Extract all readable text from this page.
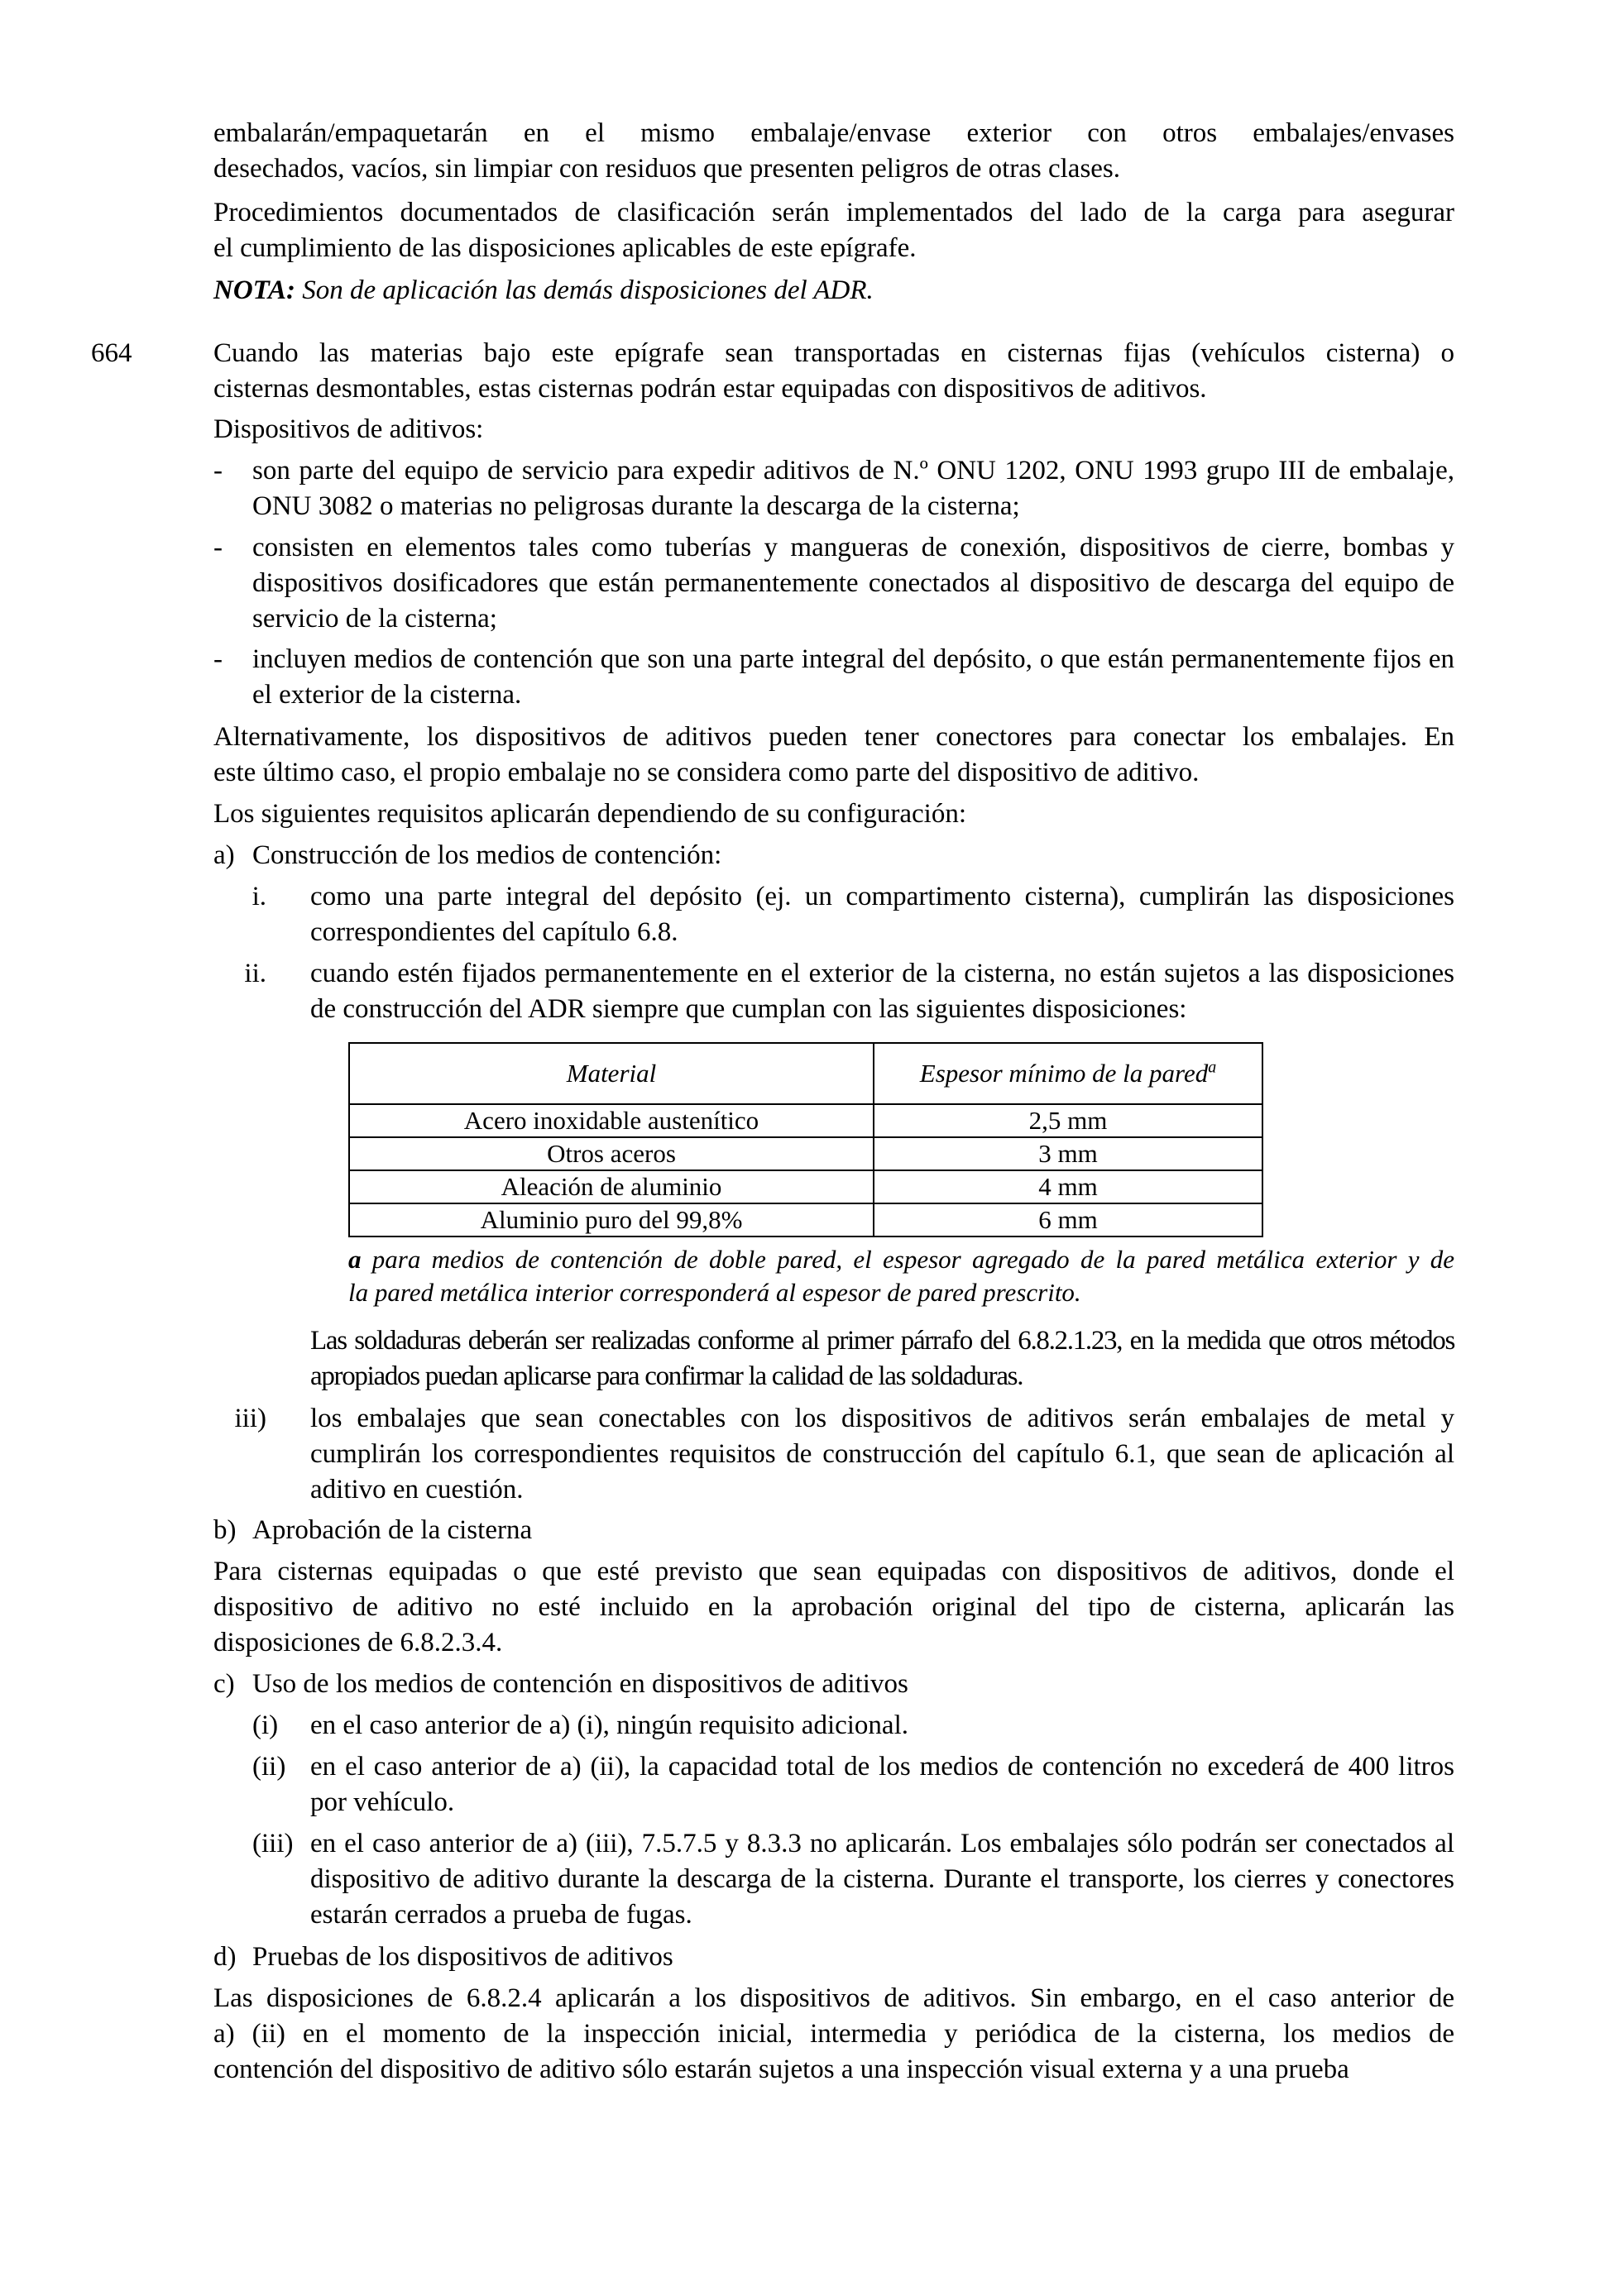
embalarán/empaquetarán en el mismo embalaje/envase exterior con otros embalajes/envases
desechados, vacíos, sin limpiar con residuos que presenten peligros de otras clases.

Procedimientos documentados de clasificación serán implementados del lado de la carga para asegurar
el cumplimiento de las disposiciones aplicables de este epígrafe.

NOTA: Son de aplicación las demás disposiciones del ADR.

664	Cuando las materias bajo este epígrafe sean transportadas en cisternas fijas (vehículos cisterna) o
cisternas desmontables, estas cisternas podrán estar equipadas con dispositivos de aditivos.

Dispositivos de aditivos:

- son parte del equipo de servicio para expedir aditivos de N.º ONU 1202, ONU 1993 grupo III de embalaje, ONU 3082 o materias no peligrosas durante la descarga de la cisterna;

- consisten en elementos tales como tuberías y mangueras de conexión, dispositivos de cierre, bombas y dispositivos dosificadores que están permanentemente conectados al dispositivo de descarga del equipo de servicio de la cisterna;

- incluyen medios de contención que son una parte integral del depósito, o que están permanentemente fijos en el exterior de la cisterna.

Alternativamente, los dispositivos de aditivos pueden tener conectores para conectar los embalajes. En
este último caso, el propio embalaje no se considera como parte del dispositivo de aditivo.

Los siguientes requisitos aplicarán dependiendo de su configuración:

a) Construcción de los medios de contención:

i. como una parte integral del depósito (ej. un compartimento cisterna), cumplirán las disposiciones correspondientes del capítulo 6.8.

ii. cuando estén fijados permanentemente en el exterior de la cisterna, no están sujetos a las disposiciones de construcción del ADR siempre que cumplan con las siguientes disposiciones:

Material	Espesor mínimo de la pared$^a$
Acero inoxidable austenítico	2,5 mm
Otros aceros	3 mm
Aleación de aluminio	4 mm
Aluminio puro del 99,8%	6 mm

a para medios de contención de doble pared, el espesor agregado de la pared metálica exterior y de
la pared metálica interior corresponderá al espesor de pared prescrito.

Las soldaduras deberán ser realizadas conforme al primer párrafo del 6.8.2.1.23, en la medida que otros métodos apropiados puedan aplicarse para confirmar la calidad de las soldaduras.

iii) los embalajes que sean conectables con los dispositivos de aditivos serán embalajes de metal y cumplirán los correspondientes requisitos de construcción del capítulo 6.1, que sean de aplicación al aditivo en cuestión.

b) Aprobación de la cisterna

Para cisternas equipadas o que esté previsto que sean equipadas con dispositivos de aditivos, donde el
dispositivo de aditivo no esté incluido en la aprobación original del tipo de cisterna, aplicarán las
disposiciones de 6.8.2.3.4.

c) Uso de los medios de contención en dispositivos de aditivos

(i) en el caso anterior de a) (i), ningún requisito adicional.

(ii) en el caso anterior de a) (ii), la capacidad total de los medios de contención no excederá de 400 litros por vehículo.

(iii) en el caso anterior de a) (iii), 7.5.7.5 y 8.3.3 no aplicarán. Los embalajes sólo podrán ser conectados al dispositivo de aditivo durante la descarga de la cisterna. Durante el transporte, los cierres y conectores estarán cerrados a prueba de fugas.

d) Pruebas de los dispositivos de aditivos

Las disposiciones de 6.8.2.4 aplicarán a los dispositivos de aditivos. Sin embargo, en el caso anterior de
a) (ii) en el momento de la inspección inicial, intermedia y periódica de la cisterna, los medios de
contención del dispositivo de aditivo sólo estarán sujetos a una inspección visual externa y a una prueba
